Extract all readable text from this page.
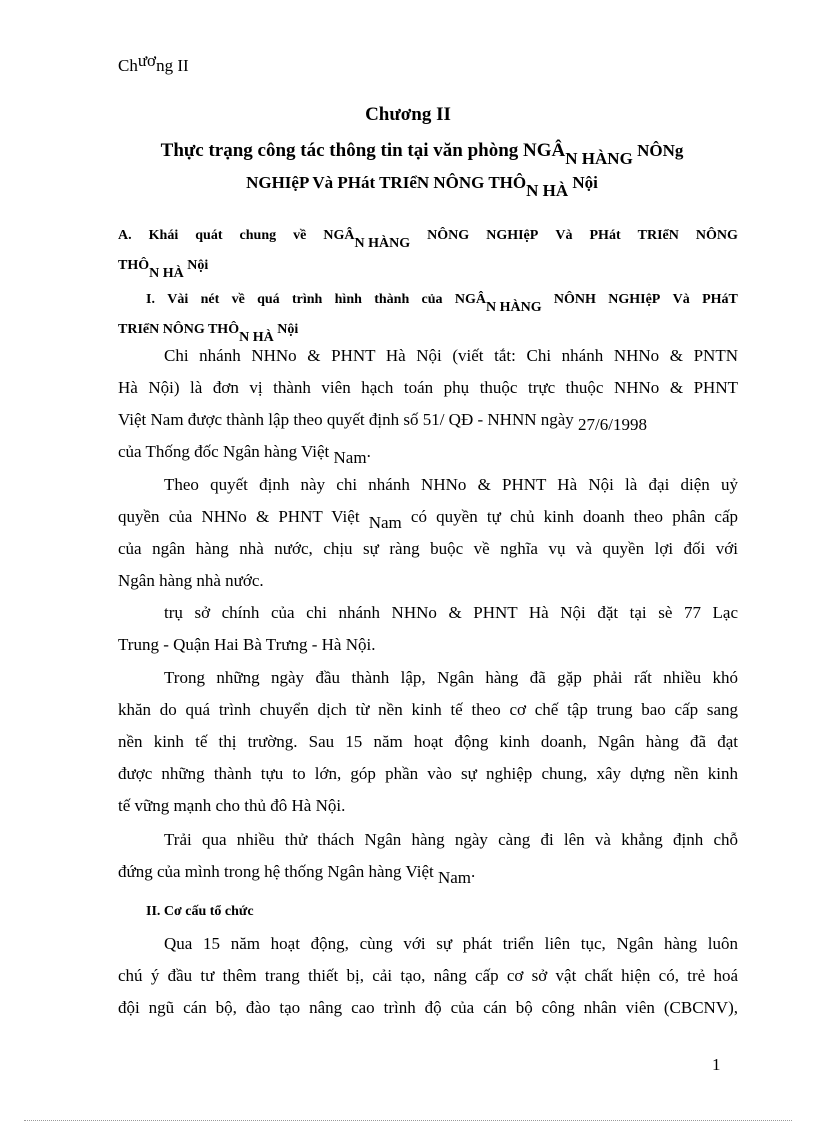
Chương II
Chương II
Thực trạng công tác thông tin tại văn phòng NGÂN HÀNG NÔNg
NGHIệP Và PHát TRIểN NÔNG THÔN HÀ Nội
A. Khái quát chung về NGÂN HÀNG
NÔNG NGHIệP Và PHát TRIểN NÔNG
THÔN HÀ Nội
I. Vài nét về quá trình hình thành của NGÂN HÀNG
NÔNH NGHIệP Và PHáT
TRIểN NÔNG THÔN HÀ Nội
Chi nhánh NHNo & PHNT Hà Nội (viết tắt: Chi nhánh NHNo & PNTN
Hà Nội) là đơn vị thành viên hạch toán phụ thuộc trực thuộc NHNo & PHNT
Việt Nam được thành lập theo quyết định số 51/ QĐ - NHNN ngày 27/6/1998
của Thống đốc Ngân hàng Việt Nam.
Theo quyết định này chi nhánh NHNo & PHNT Hà Nội là đại diện uỷ
quyền của NHNo & PHNT Việt Nam có quyền tự chủ kinh doanh theo phân cấp
của ngân hàng nhà nước, chịu sự ràng buộc về nghĩa vụ và quyền lợi đối với
Ngân hàng nhà nước.
trụ sở chính của chi nhánh NHNo & PHNT Hà Nội đặt tại sè 77 Lạc
Trung - Quận Hai Bà Trưng - Hà Nội.
Trong những ngày đầu thành lập, Ngân hàng đã gặp phải rất nhiều khó
khăn do quá trình chuyển dịch từ nền kinh tế theo cơ chế tập trung bao cấp sang
nền kinh tế thị trường. Sau 15 năm hoạt động kinh doanh, Ngân hàng đã đạt
được những thành tựu to lớn, góp phần vào sự nghiệp chung, xây dựng nền kinh
tế vững mạnh cho thủ đô Hà Nội.
Trải qua nhiều thử thách Ngân hàng ngày càng đi lên và khẳng định chỗ
đứng của mình trong hệ thống Ngân hàng Việt Nam.
II. Cơ cấu tổ chức
Qua 15 năm hoạt động, cùng với sự phát triển liên tục, Ngân hàng luôn
chú ý đầu tư thêm trang thiết bị, cải tạo, nâng cấp cơ sở vật chất hiện có, trẻ hoá
đội ngũ cán bộ, đào tạo nâng cao trình độ của cán bộ công nhân viên (CBCNV),
1
